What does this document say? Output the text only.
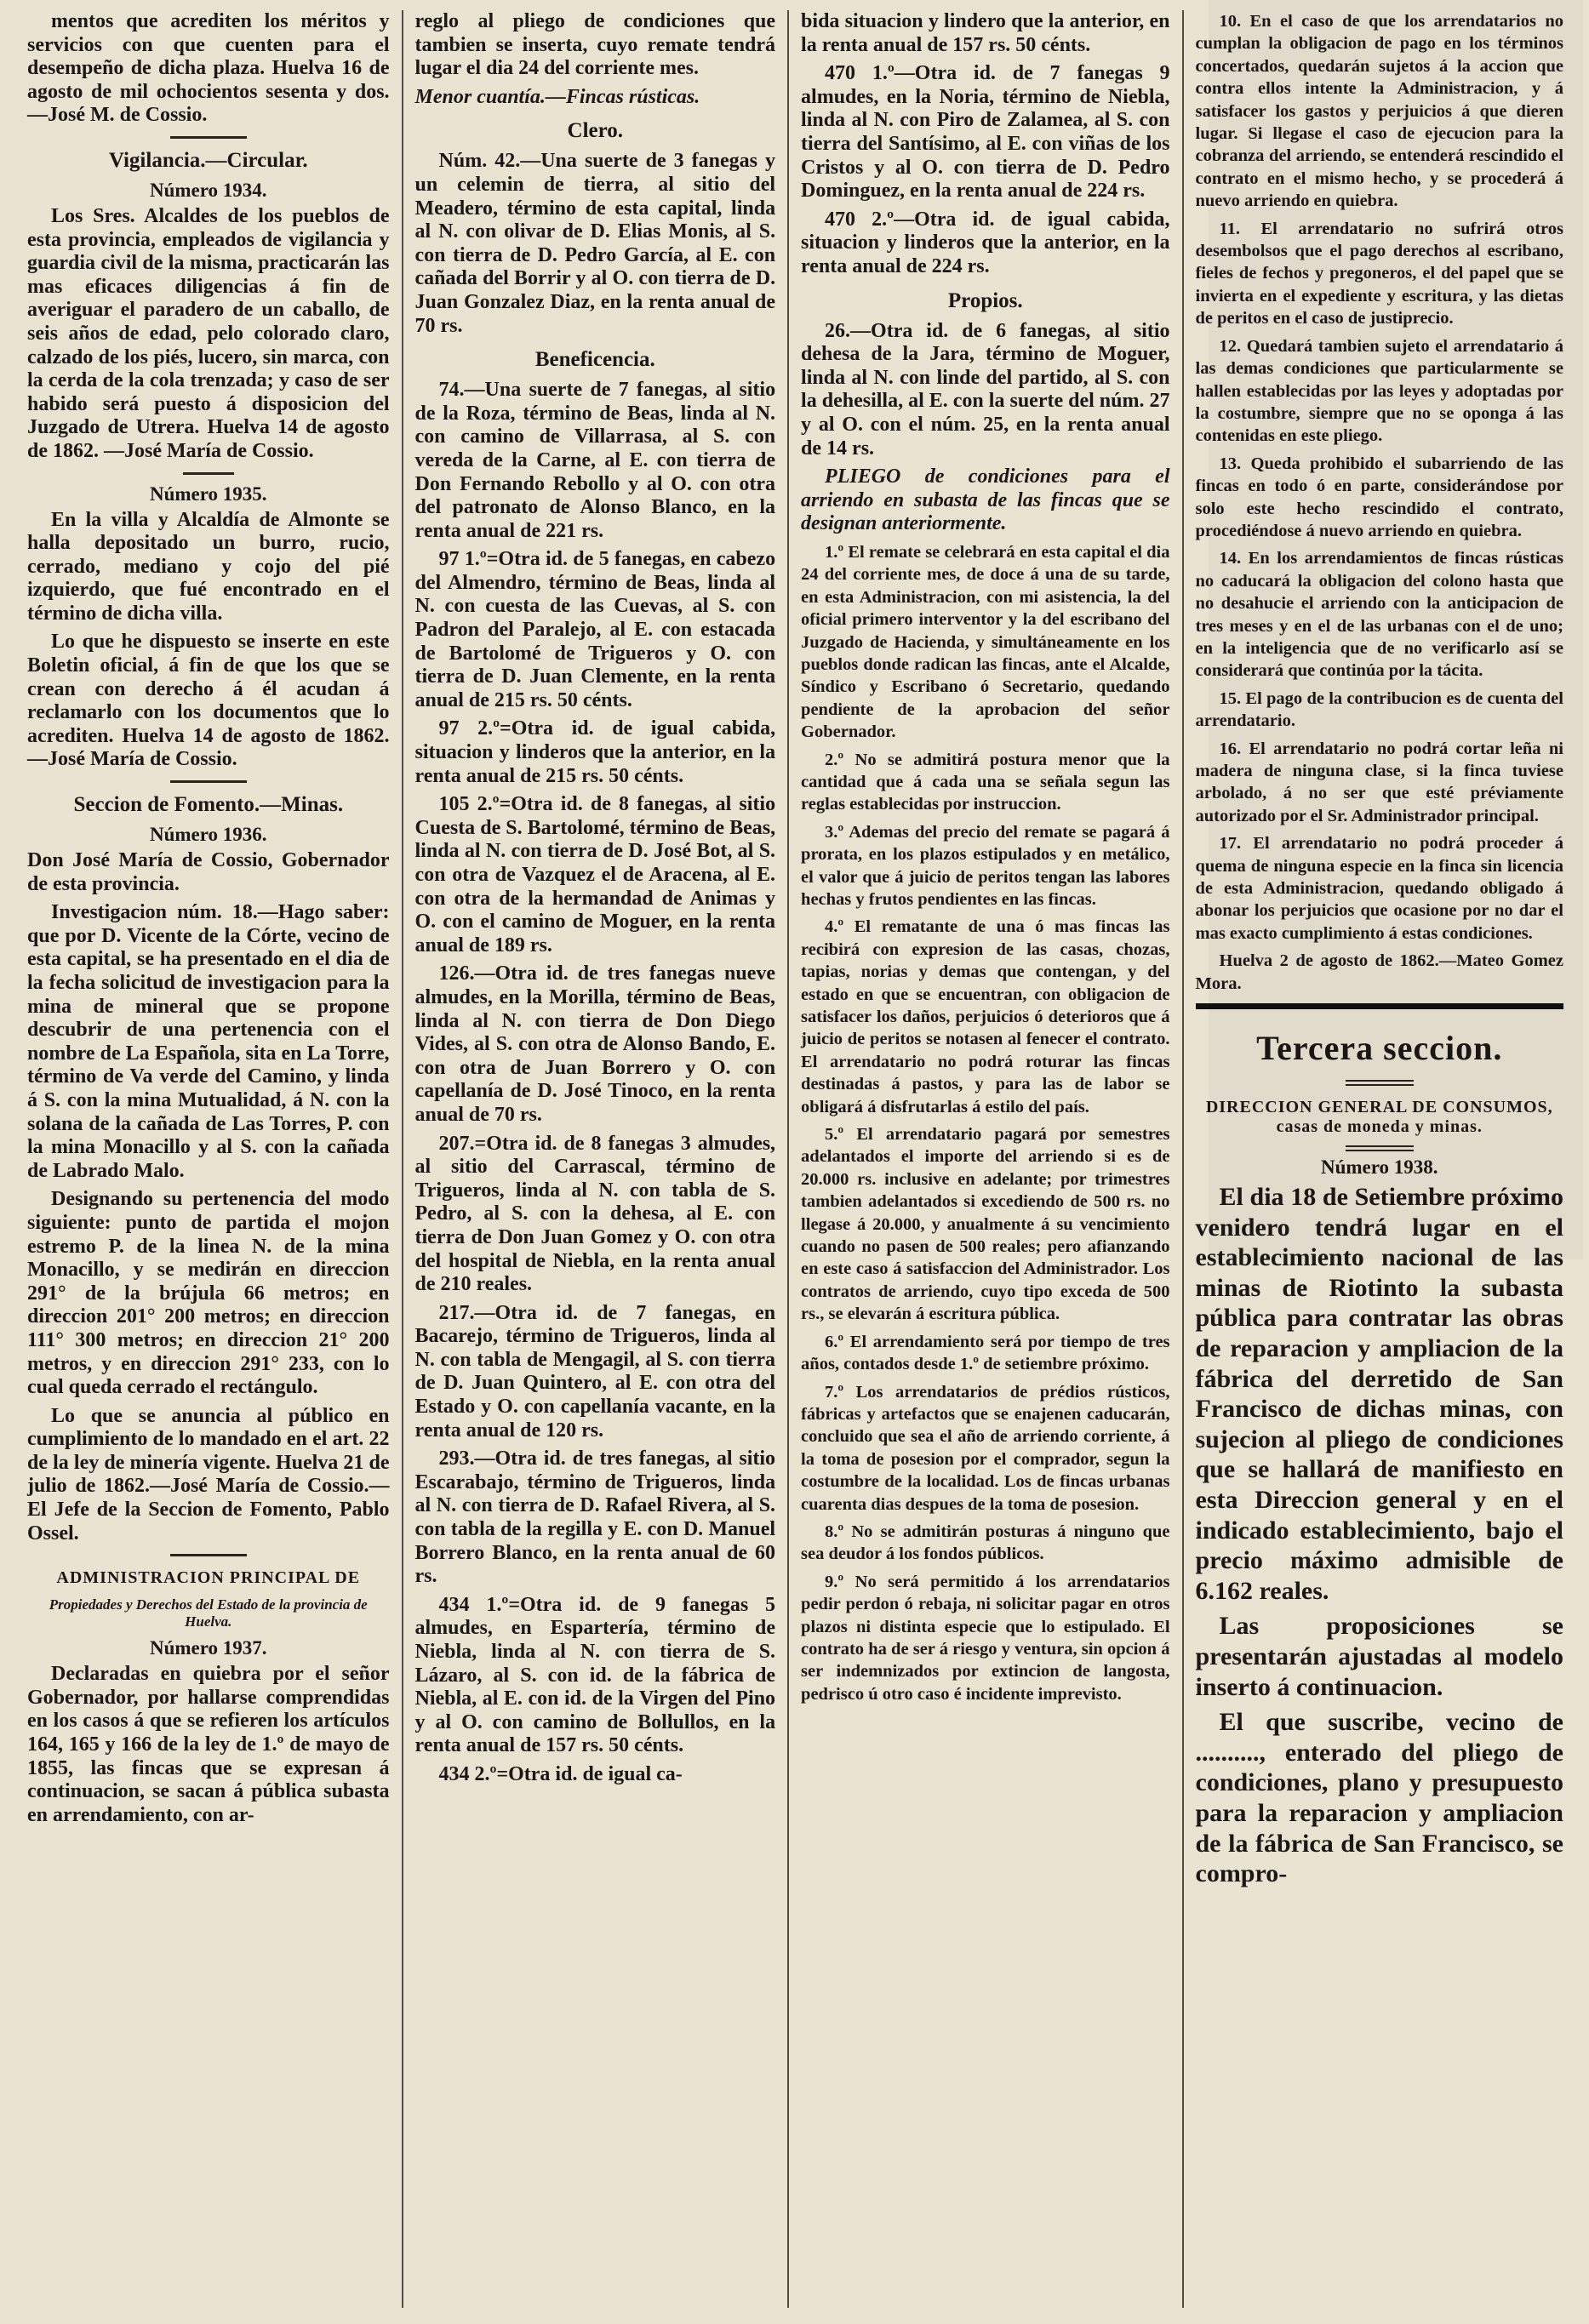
mentos que acrediten los méritos y servicios con que cuenten para el desempeño de dicha plaza. Huelva 16 de agosto de mil ochocientos sesenta y dos.—José M. de Cossio.

Vigilancia.—Circular.
Número 1934.

Los Sres. Alcaldes de los pueblos de esta provincia, empleados de vigilancia y guardia civil de la misma, practicarán las mas eficaces diligencias á fin de averiguar el paradero de un caballo, de seis años de edad, pelo colorado claro, calzado de los piés, lucero, sin marca, con la cerda de la cola trenzada; y caso de ser habido será puesto á disposicion del Juzgado de Utrera. Huelva 14 de agosto de 1862. —José María de Cossio.

Número 1935.

En la villa y Alcaldía de Almonte se halla depositado un burro, rucio, cerrado, mediano y cojo del pié izquierdo, que fué encontrado en el término de dicha villa.

Lo que he dispuesto se inserte en este Boletin oficial, á fin de que los que se crean con derecho á él acudan á reclamarlo con los documentos que lo acrediten. Huelva 14 de agosto de 1862.—José María de Cossio.

Seccion de Fomento.—Minas.
Número 1936.

Don José María de Cossio, Gobernador de esta provincia.

Investigacion núm. 18.—Hago saber: que por D. Vicente de la Córte, vecino de esta capital, se ha presentado en el dia de la fecha solicitud de investigacion para la mina de mineral que se propone descubrir de una pertenencia con el nombre de La Española, sita en La Torre, término de Va verde del Camino, y linda á S. con la mina Mutualidad, á N. con la solana de la cañada de Las Torres, P. con la mina Monacillo y al S. con la cañada de Labrado Malo.

Designando su pertenencia del modo siguiente: punto de partida el mojon estremo P. de la linea N. de la mina Monacillo, y se medirán en direccion 291° de la brújula 66 metros; en direccion 201° 200 metros; en direccion 111° 300 metros; en direccion 21° 200 metros, y en direccion 291° 233, con lo cual queda cerrado el rectángulo.

Lo que se anuncia al público en cumplimiento de lo mandado en el art. 22 de la ley de minería vigente. Huelva 21 de julio de 1862.—José María de Cossio.—El Jefe de la Seccion de Fomento, Pablo Ossel.

ADMINISTRACION PRINCIPAL DE
Propiedades y Derechos del Estado de la provincia de Huelva.
Número 1937.

Declaradas en quiebra por el señor Gobernador, por hallarse comprendidas en los casos á que se refieren los artículos 164, 165 y 166 de la ley de 1.º de mayo de 1855, las fincas que se expresan á continuacion, se sacan á pública subasta en arrendamiento, con ar-

reglo al pliego de condiciones que tambien se inserta, cuyo remate tendrá lugar el dia 24 del corriente mes.

Menor cuantía.—Fincas rústicas.

Clero.

Núm. 42.—Una suerte de 3 fanegas y un celemin de tierra, al sitio del Meadero, término de esta capital, linda al N. con olivar de D. Elias Monis, al S. con tierra de D. Pedro García, al E. con cañada del Borrir y al O. con tierra de D. Juan Gonzalez Diaz, en la renta anual de 70 rs.

Beneficencia.

74.—Una suerte de 7 fanegas, al sitio de la Roza, término de Beas, linda al N. con camino de Villarrasa, al S. con vereda de la Carne, al E. con tierra de Don Fernando Rebollo y al O. con otra del patronato de Alonso Blanco, en la renta anual de 221 rs.

97 1.º=Otra id. de 5 fanegas, en cabezo del Almendro, término de Beas, linda al N. con cuesta de las Cuevas, al S. con Padron del Paralejo, al E. con estacada de Bartolomé de Trigueros y O. con tierra de D. Juan Clemente, en la renta anual de 215 rs. 50 cénts.

97 2.º=Otra id. de igual cabida, situacion y linderos que la anterior, en la renta anual de 215 rs. 50 cénts.

105 2.º=Otra id. de 8 fanegas, al sitio Cuesta de S. Bartolomé, término de Beas, linda al N. con tierra de D. José Bot, al S. con otra de Vazquez el de Aracena, al E. con otra de la hermandad de Animas y O. con el camino de Moguer, en la renta anual de 189 rs.

126.—Otra id. de tres fanegas nueve almudes, en la Morilla, término de Beas, linda al N. con tierra de Don Diego Vides, al S. con otra de Alonso Bando, E. con otra de Juan Borrero y O. con capellanía de D. José Tinoco, en la renta anual de 70 rs.

207.=Otra id. de 8 fanegas 3 almudes, al sitio del Carrascal, término de Trigueros, linda al N. con tabla de S. Pedro, al S. con la dehesa, al E. con tierra de Don Juan Gomez y O. con otra del hospital de Niebla, en la renta anual de 210 reales.

217.—Otra id. de 7 fanegas, en Bacarejo, término de Trigueros, linda al N. con tabla de Mengagil, al S. con tierra de D. Juan Quintero, al E. con otra del Estado y O. con capellanía vacante, en la renta anual de 120 rs.

293.—Otra id. de tres fanegas, al sitio Escarabajo, término de Trigueros, linda al N. con tierra de D. Rafael Rivera, al S. con tabla de la regilla y E. con D. Manuel Borrero Blanco, en la renta anual de 60 rs.

434 1.º=Otra id. de 9 fanegas 5 almudes, en Espartería, término de Niebla, linda al N. con tierra de S. Lázaro, al S. con id. de la fábrica de Niebla, al E. con id. de la Virgen del Pino y al O. con camino de Bollullos, en la renta anual de 157 rs. 50 cénts.

434 2.º=Otra id. de igual ca-

bida situacion y lindero que la anterior, en la renta anual de 157 rs. 50 cénts.

470 1.º—Otra id. de 7 fanegas 9 almudes, en la Noria, término de Niebla, linda al N. con Piro de Zalamea, al S. con tierra del Santísimo, al E. con viñas de los Cristos y al O. con tierra de D. Pedro Dominguez, en la renta anual de 224 rs.

470 2.º—Otra id. de igual cabida, situacion y linderos que la anterior, en la renta anual de 224 rs.

Propios.

26.—Otra id. de 6 fanegas, al sitio dehesa de la Jara, término de Moguer, linda al N. con linde del partido, al S. con la dehesilla, al E. con la suerte del núm. 27 y al O. con el núm. 25, en la renta anual de 14 rs.

PLIEGO de condiciones para el arriendo en subasta de las fincas que se designan anteriormente.

1.º El remate se celebrará en esta capital el dia 24 del corriente mes, de doce á una de su tarde, en esta Administracion, con mi asistencia, la del oficial primero interventor y la del escribano del Juzgado de Hacienda, y simultáneamente en los pueblos donde radican las fincas, ante el Alcalde, Síndico y Escribano ó Secretario, quedando pendiente de la aprobacion del señor Gobernador.

2.º No se admitirá postura menor que la cantidad que á cada una se señala segun las reglas establecidas por instruccion.

3.º Ademas del precio del remate se pagará á prorata, en los plazos estipulados y en metálico, el valor que á juicio de peritos tengan las labores hechas y frutos pendientes en las fincas.

4.º El rematante de una ó mas fincas las recibirá con expresion de las casas, chozas, tapias, norias y demas que contengan, y del estado en que se encuentran, con obligacion de satisfacer los daños, perjuicios ó deterioros que á juicio de peritos se notasen al fenecer el contrato. El arrendatario no podrá roturar las fincas destinadas á pastos, y para las de labor se obligará á disfrutarlas á estilo del país.

5.º El arrendatario pagará por semestres adelantados el importe del arriendo si es de 20.000 rs. inclusive en adelante; por trimestres tambien adelantados si excediendo de 500 rs. no llegase á 20.000, y anualmente á su vencimiento cuando no pasen de 500 reales; pero afianzando en este caso á satisfaccion del Administrador. Los contratos de arriendo, cuyo tipo exceda de 500 rs., se elevarán á escritura pública.

6.º El arrendamiento será por tiempo de tres años, contados desde 1.º de setiembre próximo.

7.º Los arrendatarios de prédios rústicos, fábricas y artefactos que se enajenen caducarán, concluido que sea el año de arriendo corriente, á la toma de posesion por el comprador, segun la costumbre de la localidad. Los de fincas urbanas cuarenta dias despues de la toma de posesion.

8.º No se admitirán posturas á ninguno que sea deudor á los fondos públicos.

9.º No será permitido á los arrendatarios pedir perdon ó rebaja, ni solicitar pagar en otros plazos ni distinta especie que lo estipulado. El contrato ha de ser á riesgo y ventura, sin opcion á ser indemnizados por extincion de langosta, pedrisco ú otro caso é incidente imprevisto.

10. En el caso de que los arrendatarios no cumplan la obligacion de pago en los términos concertados, quedarán sujetos á la accion que contra ellos intente la Administracion, y á satisfacer los gastos y perjuicios á que dieren lugar. Si llegase el caso de ejecucion para la cobranza del arriendo, se entenderá rescindido el contrato en el mismo hecho, y se procederá á nuevo arriendo en quiebra.

11. El arrendatario no sufrirá otros desembolsos que el pago derechos al escribano, fieles de fechos y pregoneros, el del papel que se invierta en el expediente y escritura, y las dietas de peritos en el caso de justiprecio.

12. Quedará tambien sujeto el arrendatario á las demas condiciones que particularmente se hallen establecidas por las leyes y adoptadas por la costumbre, siempre que no se oponga á las contenidas en este pliego.

13. Queda prohibido el subarriendo de las fincas en todo ó en parte, considerándose por solo este hecho rescindido el contrato, procediéndose á nuevo arriendo en quiebra.

14. En los arrendamientos de fincas rústicas no caducará la obligacion del colono hasta que no desahucie el arriendo con la anticipacion de tres meses y en el de las urbanas con el de uno; en la inteligencia que de no verificarlo así se considerará que continúa por la tácita.

15. El pago de la contribucion es de cuenta del arrendatario.

16. El arrendatario no podrá cortar leña ni madera de ninguna clase, si la finca tuviese arbolado, á no ser que esté préviamente autorizado por el Sr. Administrador principal.

17. El arrendatario no podrá proceder á quema de ninguna especie en la finca sin licencia de esta Administracion, quedando obligado á abonar los perjuicios que ocasione por no dar el mas exacto cumplimiento á estas condiciones.

Huelva 2 de agosto de 1862.—Mateo Gomez Mora.

Tercera seccion.
DIRECCION GENERAL DE CONSUMOS, casas de moneda y minas.
Número 1938.

El dia 18 de Setiembre próximo venidero tendrá lugar en el establecimiento nacional de las minas de Riotinto la subasta pública para contratar las obras de reparacion y ampliacion de la fábrica del derretido de San Francisco de dichas minas, con sujecion al pliego de condiciones que se hallará de manifiesto en esta Direccion general y en el indicado establecimiento, bajo el precio máximo admisible de 6.162 reales.

Las proposiciones se presentarán ajustadas al modelo inserto á continuacion.

El que suscribe, vecino de .........., enterado del pliego de condiciones, plano y presupuesto para la reparacion y ampliacion de la fábrica de San Francisco, se compro-
